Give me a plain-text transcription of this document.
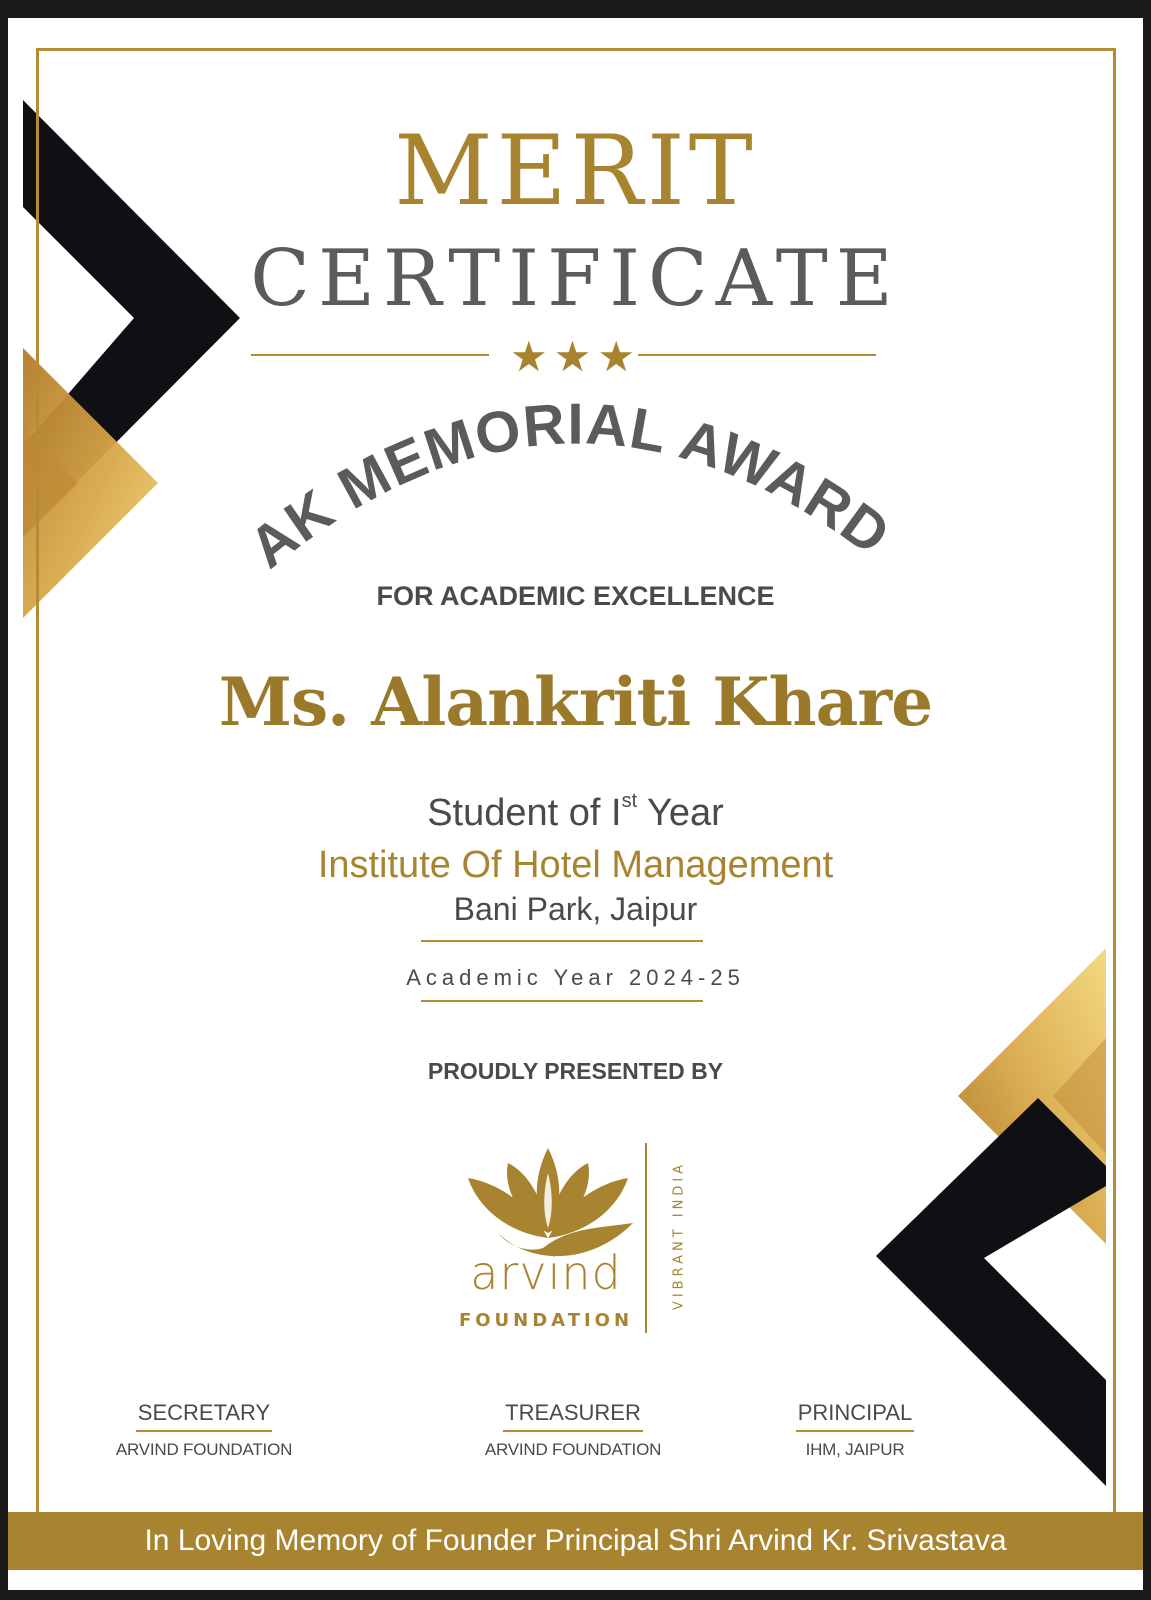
MERIT
CERTIFICATE
★★★
AK MEMORIAL AWARD
FOR ACADEMIC EXCELLENCE
Ms. Alankriti Khare
Student of Ist Year
Institute Of Hotel Management
Bani Park, Jaipur
Academic Year 2024-25
PROUDLY PRESENTED BY
arvind
FOUNDATION
VIBRANT INDIA
SECRETARY
ARVIND FOUNDATION
TREASURER
ARVIND FOUNDATION
PRINCIPAL
IHM, JAIPUR
In Loving Memory of Founder Principal Shri Arvind Kr. Srivastava
